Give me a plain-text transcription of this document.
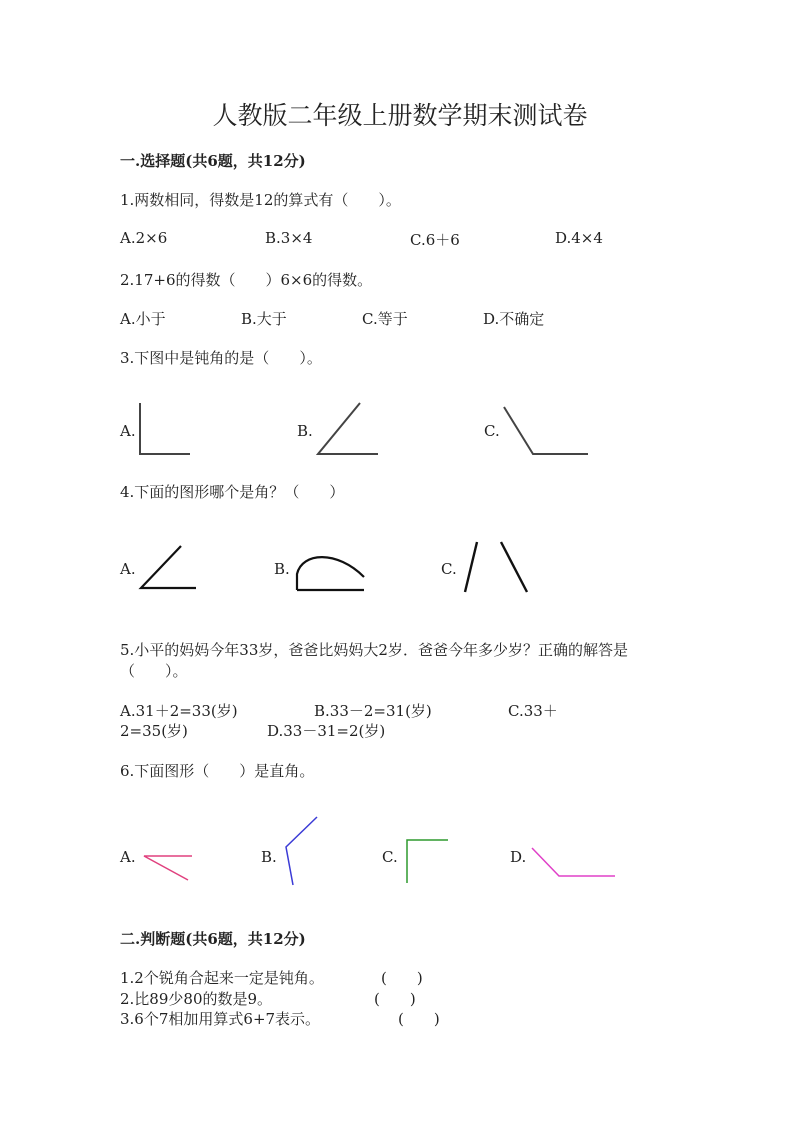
人教版二年级上册数学期末测试卷
一.选择题(共6题，共12分)
1.两数相同，得数是12的算式有（　　）。
A.2×6	B.3×4	C.6＋6	D.4×4
2.17+6的得数（　　）6×6的得数。
A.小于	B.大于	C.等于	D.不确定
3.下图中是钝角的是（　　）。
A.	B.	C.
4.下面的图形哪个是角？（　　）
A.	B.	C.
5.小平的妈妈今年33岁，爸爸比妈妈大2岁．爸爸今年多少岁？正确的解答是
（　　）。
A.31＋2=33(岁)	B.33－2=31(岁)	C.33＋
2=35(岁)	D.33－31=2(岁)
6.下面图形（　　）是直角。
A.	B.	C.	D.
二.判断题(共6题，共12分)
1.2个锐角合起来一定是钝角。	(　　)
2.比89少80的数是9。	(　　)
3.6个7相加用算式6+7表示。	(　　)
